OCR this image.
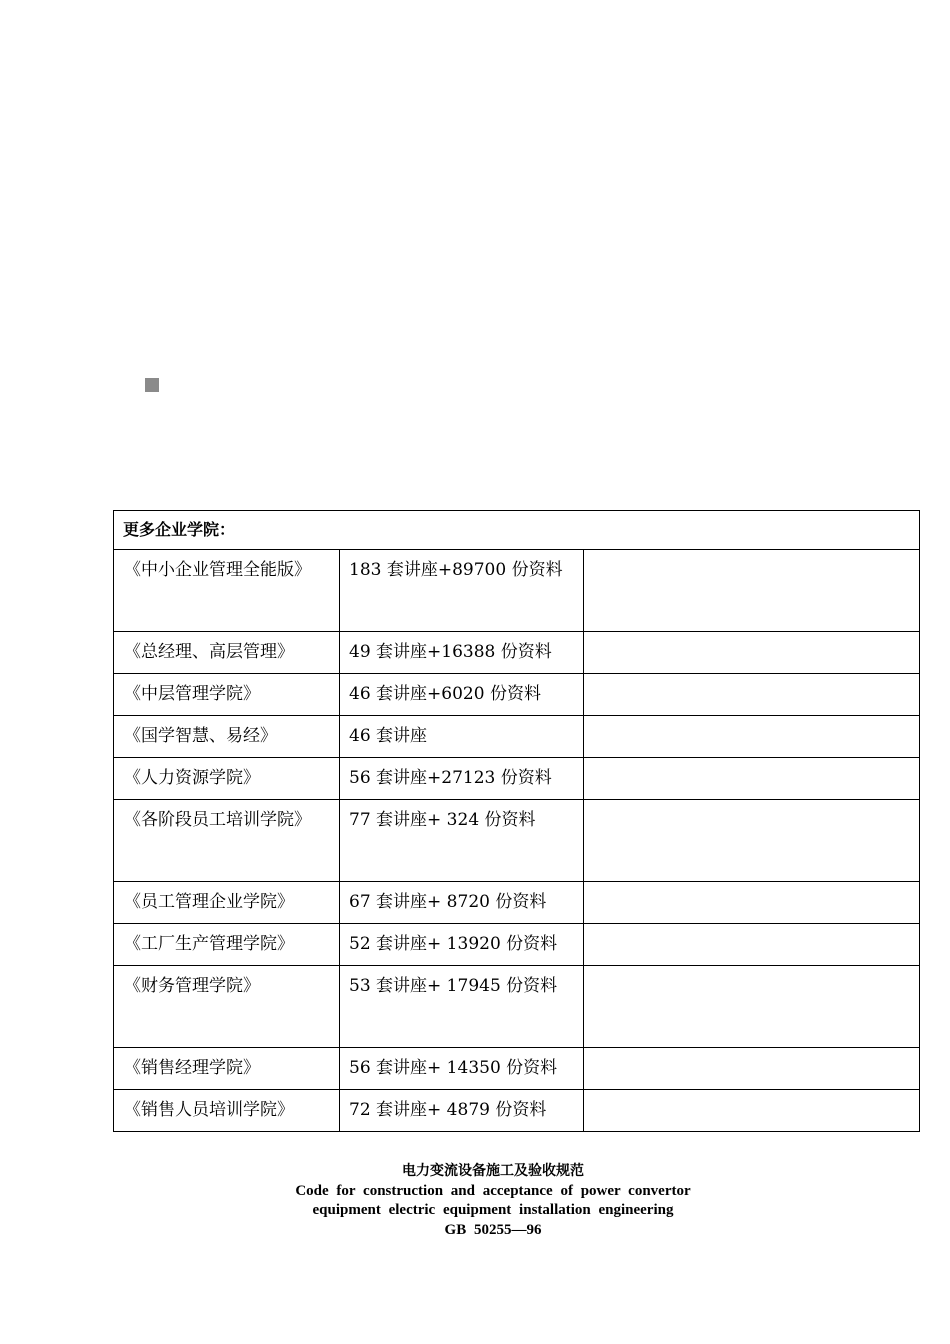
更多企业学院：		
《中小企业管理全能版》	183 套讲座+89700 份资料	
《总经理、高层管理》	49 套讲座+16388 份资料	
《中层管理学院》	46 套讲座+6020 份资料	
《国学智慧、易经》	46 套讲座	
《人力资源学院》	56 套讲座+27123 份资料	
《各阶段员工培训学院》	77 套讲座+ 324 份资料	
《员工管理企业学院》	67 套讲座+ 8720 份资料	
《工厂生产管理学院》	52 套讲座+ 13920 份资料	
《财务管理学院》	53 套讲座+ 17945 份资料	
《销售经理学院》	56 套讲座+ 14350 份资料	
《销售人员培训学院》	72 套讲座+ 4879 份资料	
电力变流设备施工及验收规范
Code for construction and acceptance of power convertor
equipment electric equipment installation engineering
GB 50255—96
